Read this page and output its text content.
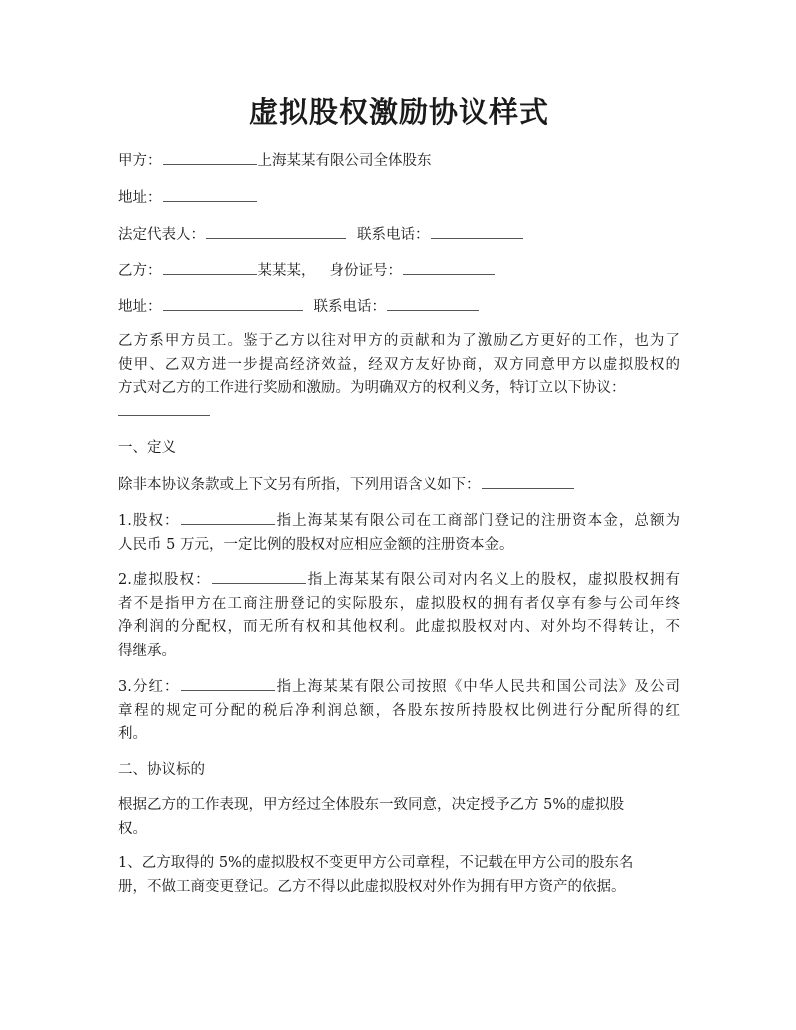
虚拟股权激励协议样式
甲方：	上海某某有限公司全体股东
地址：
法定代表人：	联系电话：
乙方：	某某某， 身份证号：
地址：	联系电话：
乙方系甲方员工。鉴于乙方以往对甲方的贡献和为了激励乙方更好的工作，也为了
使甲、乙双方进一步提高经济效益，经双方友好协商，双方同意甲方以虚拟股权的
方式对乙方的工作进行奖励和激励。为明确双方的权利义务，特订立以下协议：
一、定义
除非本协议条款或上下文另有所指，下列用语含义如下：
1.股权：	指上海某某有限公司在工商部门登记的注册资本金，总额为
人民币 5 万元，一定比例的股权对应相应金额的注册资本金。
2.虚拟股权：	指上海某某有限公司对内名义上的股权，虚拟股权拥有
者不是指甲方在工商注册登记的实际股东，虚拟股权的拥有者仅享有参与公司年终
净利润的分配权，而无所有权和其他权利。此虚拟股权对内、对外均不得转让，不
得继承。
3.分红：	指上海某某有限公司按照《中华人民共和国公司法》及公司
章程的规定可分配的税后净利润总额，各股东按所持股权比例进行分配所得的红
利。
二、协议标的
根据乙方的工作表现，甲方经过全体股东一致同意，决定授予乙方 5%的虚拟股
权。
1、乙方取得的 5%的虚拟股权不变更甲方公司章程，不记载在甲方公司的股东名
册，不做工商变更登记。乙方不得以此虚拟股权对外作为拥有甲方资产的依据。
